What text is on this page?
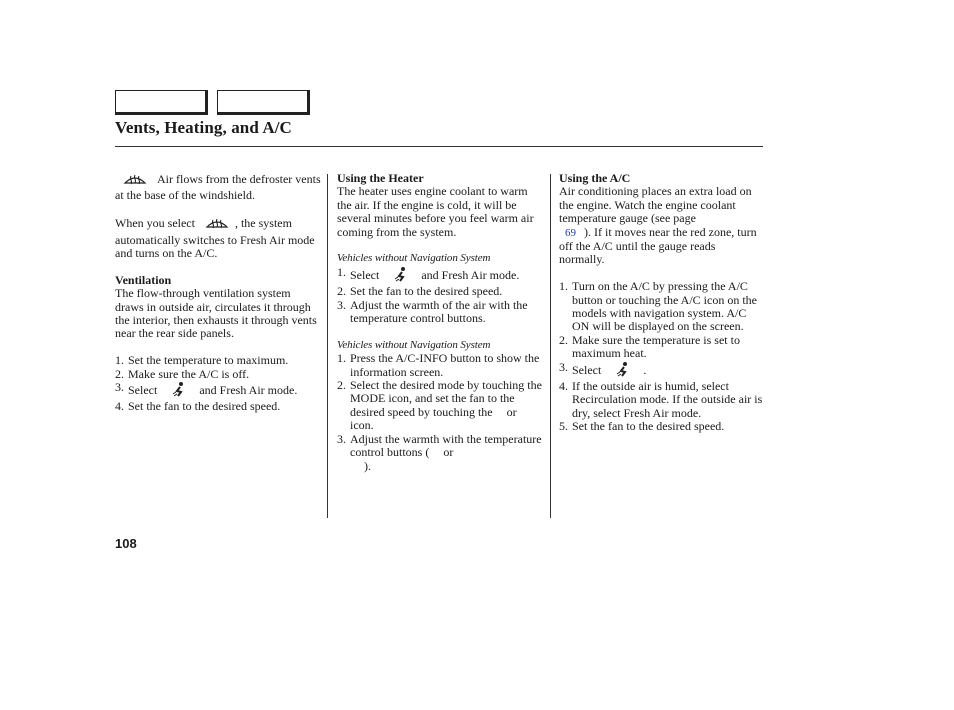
Vents, Heating, and A/C

Air flows from the defroster vents at the base of the windshield.

When you select	, the system automatically switches to Fresh Air mode and turns on the A/C.

Ventilation

The flow-through ventilation system draws in outside air, circulates it through the interior, then exhausts it through vents near the rear side panels.

1. Set the temperature to maximum.
2. Make sure the A/C is off.
3. Select	and Fresh Air mode.
4. Set the fan to the desired speed.

Using the Heater

The heater uses engine coolant to warm the air. If the engine is cold, it will be several minutes before you feel warm air coming from the system.

Vehicles without Navigation System

1. Select	and Fresh Air mode.
2. Set the fan to the desired speed.
3. Adjust the warmth of the air with the temperature control buttons.

Vehicles without Navigation System

1. Press the A/C-INFO button to show the information screen.
2. Select the desired mode by touching the MODE icon, and set the fan to the desired speed by touching the oricon.
3. Adjust the warmth with the temperature control buttons ( or
).

Using the A/C

Air conditioning places an extra load on the engine. Watch the engine coolant temperature gauge (see page
69 ). If it moves near the red zone, turn off the A/C until the gauge reads normally.

1. Turn on the A/C by pressing the A/C button or touching the A/C icon on the models with navigation system. A/C ON will be displayed on the screen.
2. Make sure the temperature is set to maximum heat.
3. Select	.
4. If the outside air is humid, select Recirculation mode. If the outside air is dry, select Fresh Air mode.
5. Set the fan to the desired speed.
108
